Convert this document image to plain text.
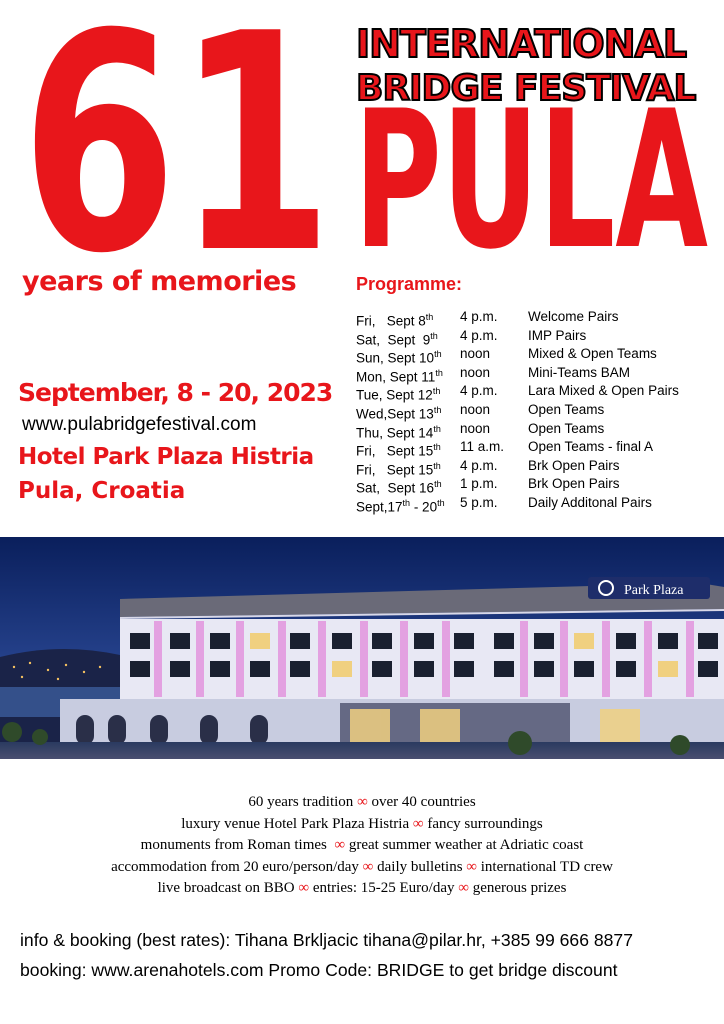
61 INTERNATIONAL
BRIDGE FESTIVAL
PULA
years of memories	Programme:
Fri,   Sept 8th 4 p.m. Welcome Pairs
Sat,  Sept  9th 4 p.m. IMP Pairs
Sun, Sept 10th noon	Mixed & Open Teams
Mon, Sept 11th noon	Mini-Teams BAM
Tue, Sept 12th 4 p.m. Lara Mixed & Open Pairs
Wed,Sept 13th noon	Open Teams
Thu, Sept 14th noon	Open Teams
Fri,   Sept 15th 11 a.m. Open Teams - final A
Fri,   Sept 15th 4 p.m. Brk Open Pairs
Sat,  Sept 16th 1 p.m. Brk Open Pairs
Sept,17th - 20th 5 p.m. Daily Additonal Pairs
September, 8 - 20, 2023
www.pulabridgefestival.com
Hotel Park Plaza Histria
Pula, Croatia
Park Plaza
60 years tradition ∞ over 40 countries
luxury venue Hotel Park Plaza Histria ∞ fancy surroundings
monuments from Roman times  ∞ great summer weather at Adriatic coast
accommodation from 20 euro/person/day ∞ daily bulletins ∞ international TD crew
live broadcast on BBO ∞ entries: 15-25 Euro/day ∞ generous prizes
info & booking (best rates): Tihana Brkljacic tihana@pilar.hr, +385 99 666 8877
booking: www.arenahotels.com Promo Code: BRIDGE to get bridge discount
